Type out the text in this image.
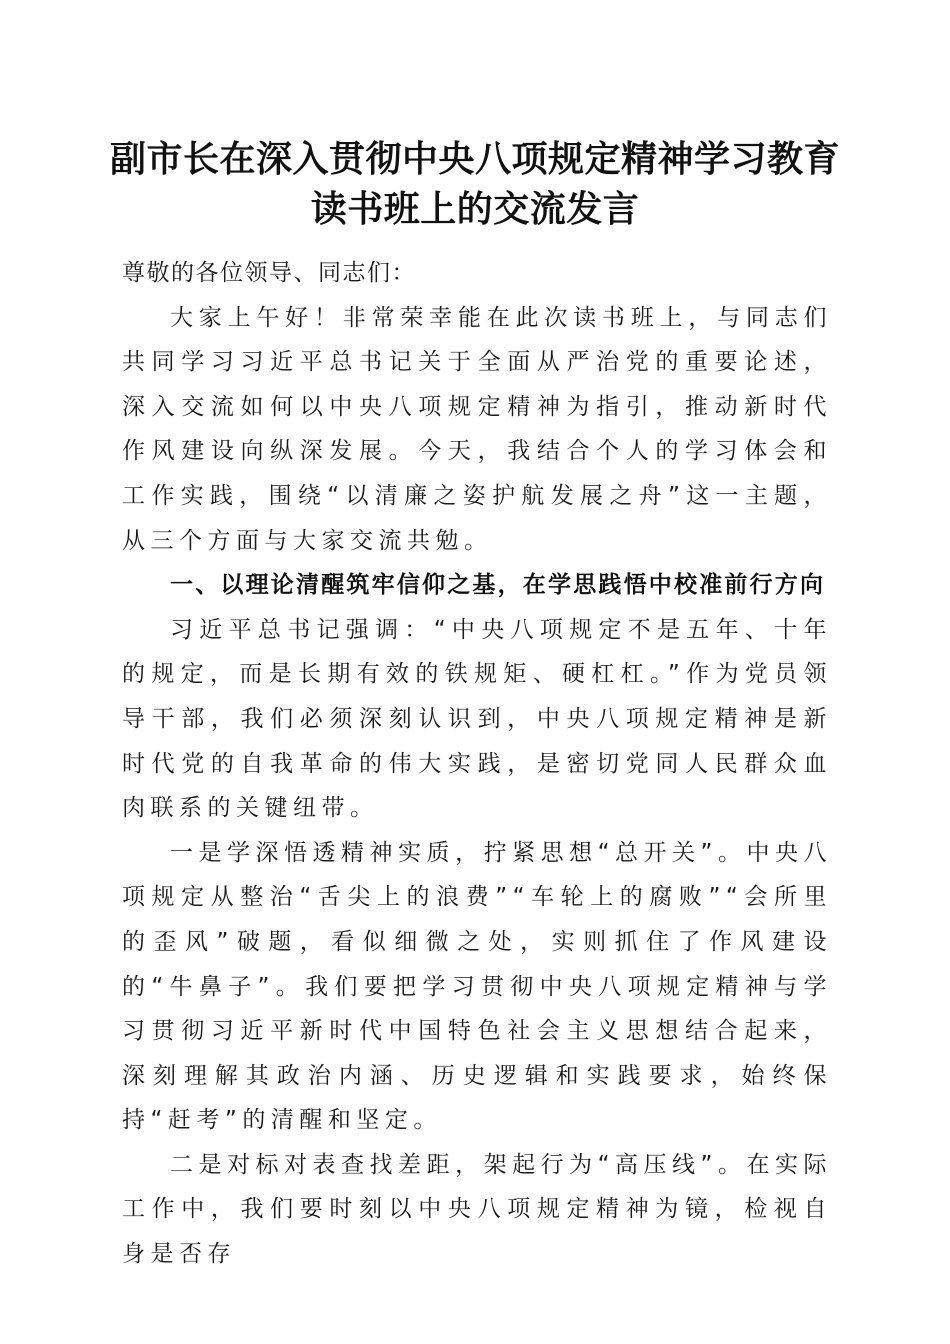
副市长在深入贯彻中央八项规定精神学习教育
读书班上的交流发言

尊敬的各位领导、同志们：

大家上午好！非常荣幸能在此次读书班上，与同志们共同学习习近平总书记关于全面从严治党的重要论述，深入交流如何以中央八项规定精神为指引，推动新时代作风建设向纵深发展。今天，我结合个人的学习体会和工作实践，围绕“以清廉之姿护航发展之舟”这一主题，从三个方面与大家交流共勉。

一、以理论清醒筑牢信仰之基，在学思践悟中校准前行方向

习近平总书记强调：“中央八项规定不是五年、十年的规定，而是长期有效的铁规矩、硬杠杠。”作为党员领导干部，我们必须深刻认识到，中央八项规定精神是新时代党的自我革命的伟大实践，是密切党同人民群众血肉联系的关键纽带。

一是学深悟透精神实质，拧紧思想“总开关”。中央八项规定从整治“舌尖上的浪费”“车轮上的腐败”“会所里的歪风”破题，看似细微之处，实则抓住了作风建设的“牛鼻子”。我们要把学习贯彻中央八项规定精神与学习贯彻习近平新时代中国特色社会主义思想结合起来，深刻理解其政治内涵、历史逻辑和实践要求，始终保持“赶考”的清醒和坚定。

二是对标对表查找差距，架起行为“高压线”。在实际工作中，我们要时刻以中央八项规定精神为镜，检视自身是否存
